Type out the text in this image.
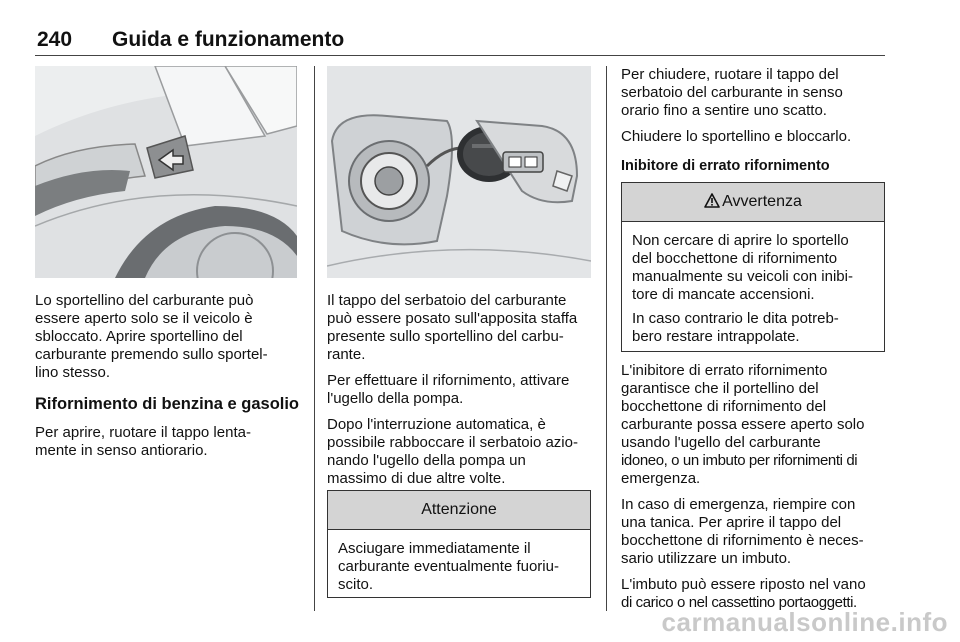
240 Guida e funzionamento

Lo sportellino del carburante può

essere aperto solo se il veicolo è

sbloccato. Aprire sportellino del

carburante premendo sullo sportel-

lino stesso.

Rifornimento di benzina e gasolio

Per aprire, ruotare il tappo lenta-

mente in senso antiorario.

Il tappo del serbatoio del carburante

può essere posato sull'apposita staffa

presente sullo sportellino del carbu-

rante.

Per effettuare il rifornimento, attivare

l'ugello della pompa.

Dopo l'interruzione automatica, è

possibile rabboccare il serbatoio azio-

nando l'ugello della pompa un

massimo di due altre volte.

Attenzione

Asciugare immediatamente il

carburante eventualmente fuoriu-

scito.

Per chiudere, ruotare il tappo del

serbatoio del carburante in senso

orario fino a sentire uno scatto.

Chiudere lo sportellino e bloccarlo.

Inibitore di errato rifornimento
Avvertenza

Non cercare di aprire lo sportello

del bocchettone di rifornimento

manualmente su veicoli con inibi-

tore di mancate accensioni.

In caso contrario le dita potreb-

bero restare intrappolate.

L'inibitore di errato rifornimento

garantisce che il portellino del

bocchettone di rifornimento del

carburante possa essere aperto solo

usando l'ugello del carburante

idoneo, o un imbuto per rifornimenti di

emergenza.

In caso di emergenza, riempire con

una tanica. Per aprire il tappo del

bocchettone di rifornimento è neces-

sario utilizzare un imbuto.

L'imbuto può essere riposto nel vano

di carico o nel cassettino portaoggetti.

carmanualsonline.info
